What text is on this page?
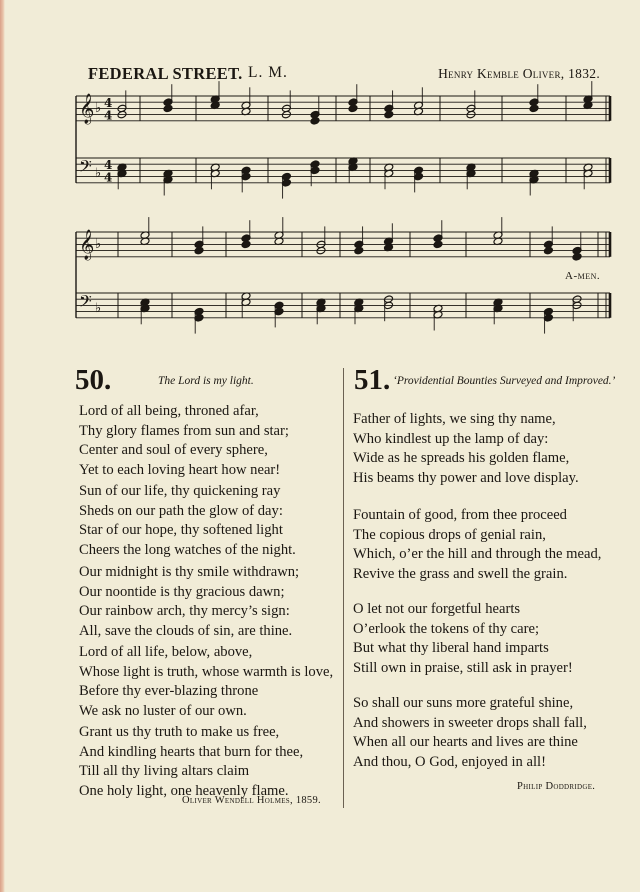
FEDERAL STREET. L. M.	Henry Kemble Oliver, 1832.
𝄞 ♭ 4
4
𝄢 ♭
4
4
𝄞 ♭
𝄢 ♭
A-men.
50.	The Lord is my light.
Lord of all being, throned afar,
Thy glory flames from sun and star;
Center and soul of every sphere,
Yet to each loving heart how near!
Sun of our life, thy quickening ray
Sheds on our path the glow of day:
Star of our hope, thy softened light
Cheers the long watches of the night.
Our midnight is thy smile withdrawn;
Our noontide is thy gracious dawn;
Our rainbow arch, thy mercy’s sign:
All, save the clouds of sin, are thine.
Lord of all life, below, above,
Whose light is truth, whose warmth is love,
Before thy ever-blazing throne
We ask no luster of our own.
Grant us thy truth to make us free,
And kindling hearts that burn for thee,
Till all thy living altars claim
One holy light, one heavenly flame.
Oliver Wendell Holmes, 1859.
51. ‘Providential Bounties Surveyed and Improved.’
Father of lights, we sing thy name,
Who kindlest up the lamp of day:
Wide as he spreads his golden flame,
His beams thy power and love display.
Fountain of good, from thee proceed
The copious drops of genial rain,
Which, o’er the hill and through the mead,
Revive the grass and swell the grain.
O let not our forgetful hearts
O’erlook the tokens of thy care;
But what thy liberal hand imparts
Still own in praise, still ask in prayer!
So shall our suns more grateful shine,
And showers in sweeter drops shall fall,
When all our hearts and lives are thine
And thou, O God, enjoyed in all!
Philip Doddridge.
